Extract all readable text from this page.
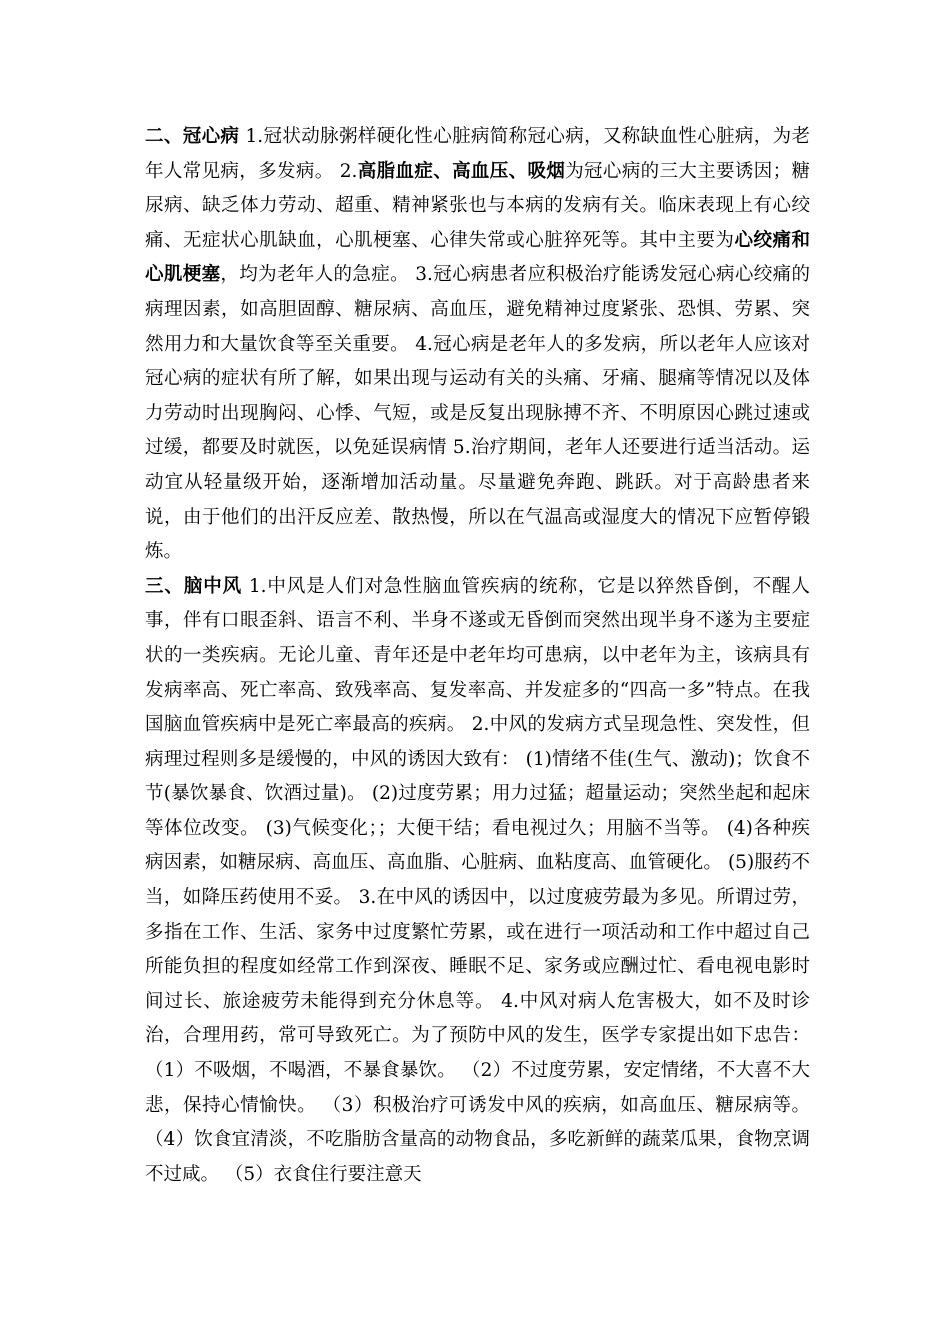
二、冠心病 1.冠状动脉粥样硬化性心脏病简称冠心病，又称缺血性心脏病，为老年人常见病，多发病。 2.高脂血症、高血压、吸烟为冠心病的三大主要诱因；糖尿病、缺乏体力劳动、超重、精神紧张也与本病的发病有关。临床表现上有心绞痛、无症状心肌缺血，心肌梗塞、心律失常或心脏猝死等。其中主要为心绞痛和心肌梗塞，均为老年人的急症。 3.冠心病患者应积极治疗能诱发冠心病心绞痛的病理因素，如高胆固醇、糖尿病、高血压，避免精神过度紧张、恐惧、劳累、突然用力和大量饮食等至关重要。 4.冠心病是老年人的多发病，所以老年人应该对冠心病的症状有所了解，如果出现与运动有关的头痛、牙痛、腿痛等情况以及体力劳动时出现胸闷、心悸、气短，或是反复出现脉搏不齐、不明原因心跳过速或过缓，都要及时就医，以免延误病情 5.治疗期间，老年人还要进行适当活动。运动宜从轻量级开始，逐渐增加活动量。尽量避免奔跑、跳跃。对于高龄患者来说，由于他们的出汗反应差、散热慢，所以在气温高或湿度大的情况下应暂停锻炼。

三、脑中风 1.中风是人们对急性脑血管疾病的统称，它是以猝然昏倒，不醒人事，伴有口眼歪斜、语言不利、半身不遂或无昏倒而突然出现半身不遂为主要症状的一类疾病。无论儿童、青年还是中老年均可患病，以中老年为主，该病具有发病率高、死亡率高、致残率高、复发率高、并发症多的“四高一多”特点。在我国脑血管疾病中是死亡率最高的疾病。 2.中风的发病方式呈现急性、突发性，但病理过程则多是缓慢的，中风的诱因大致有： (1)情绪不佳(生气、激动)；饮食不节(暴饮暴食、饮酒过量)。 (2)过度劳累；用力过猛；超量运动；突然坐起和起床等体位改变。 (3)气候变化；；大便干结；看电视过久；用脑不当等。 (4)各种疾病因素，如糖尿病、高血压、高血脂、心脏病、血粘度高、血管硬化。 (5)服药不当，如降压药使用不妥。 3.在中风的诱因中，以过度疲劳最为多见。所谓过劳，多指在工作、生活、家务中过度繁忙劳累，或在进行一项活动和工作中超过自己所能负担的程度如经常工作到深夜、睡眠不足、家务或应酬过忙、看电视电影时间过长、旅途疲劳未能得到充分休息等。 4.中风对病人危害极大，如不及时诊治，合理用药，常可导致死亡。为了预防中风的发生，医学专家提出如下忠告： （1）不吸烟，不喝酒，不暴食暴饮。 （2）不过度劳累，安定情绪，不大喜不大悲，保持心情愉快。 （3）积极治疗可诱发中风的疾病，如高血压、糖尿病等。 （4）饮食宜清淡，不吃脂肪含量高的动物食品，多吃新鲜的蔬菜瓜果，食物烹调不过咸。 （5）衣食住行要注意天
